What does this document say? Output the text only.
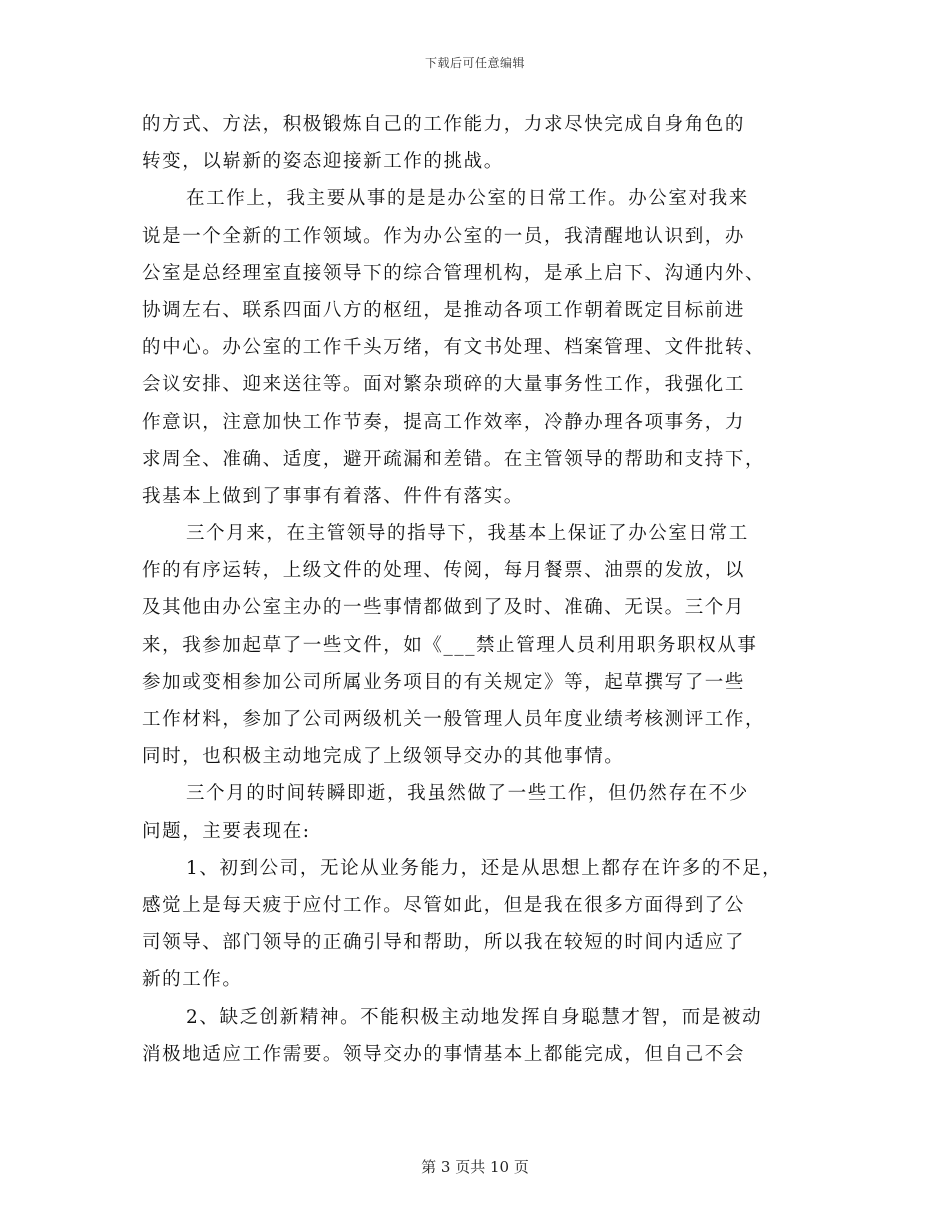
下载后可任意编辑
的方式、方法，积极锻炼自己的工作能力，力求尽快完成自身角色的
转变，以崭新的姿态迎接新工作的挑战。
在工作上，我主要从事的是是办公室的日常工作。办公室对我来
说是一个全新的工作领域。作为办公室的一员，我清醒地认识到，办
公室是总经理室直接领导下的综合管理机构，是承上启下、沟通内外、
协调左右、联系四面八方的枢纽，是推动各项工作朝着既定目标前进
的中心。办公室的工作千头万绪，有文书处理、档案管理、文件批转、
会议安排、迎来送往等。面对繁杂琐碎的大量事务性工作，我强化工
作意识，注意加快工作节奏，提高工作效率，冷静办理各项事务，力
求周全、准确、适度，避开疏漏和差错。在主管领导的帮助和支持下，
我基本上做到了事事有着落、件件有落实。
三个月来，在主管领导的指导下，我基本上保证了办公室日常工
作的有序运转，上级文件的处理、传阅，每月餐票、油票的发放，以
及其他由办公室主办的一些事情都做到了及时、准确、无误。三个月
来，我参加起草了一些文件，如《___禁止管理人员利用职务职权从事
参加或变相参加公司所属业务项目的有关规定》等，起草撰写了一些
工作材料，参加了公司两级机关一般管理人员年度业绩考核测评工作，
同时，也积极主动地完成了上级领导交办的其他事情。
三个月的时间转瞬即逝，我虽然做了一些工作，但仍然存在不少
问题，主要表现在:
1、初到公司，无论从业务能力，还是从思想上都存在许多的不足，
感觉上是每天疲于应付工作。尽管如此，但是我在很多方面得到了公
司领导、部门领导的正确引导和帮助，所以我在较短的时间内适应了
新的工作。
2、缺乏创新精神。不能积极主动地发挥自身聪慧才智，而是被动
消极地适应工作需要。领导交办的事情基本上都能完成，但自己不会
第 3 页共 10 页
